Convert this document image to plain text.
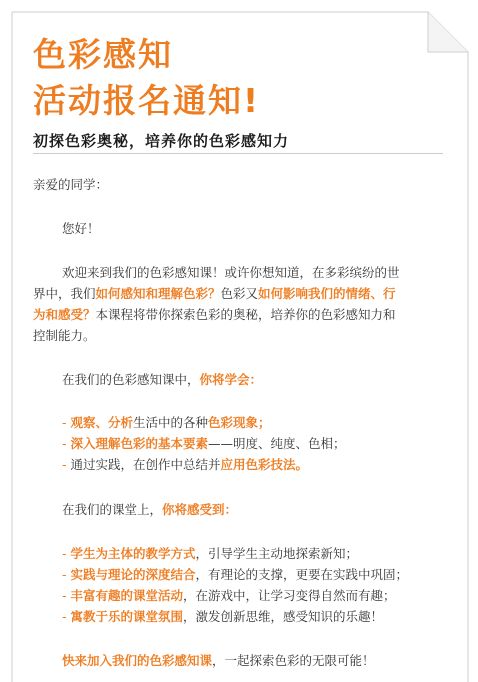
色彩感知
活动报名通知!

初探色彩奥秘，培养你的色彩感知力

亲爱的同学：

您好！

欢迎来到我们的色彩感知课！或许你想知道，在多彩缤纷的世

界中，我们如何感知和理解色彩？色彩又如何影响我们的情绪、行

为和感受？本课程将带你探索色彩的奥秘，培养你的色彩感知力和

控制能力。

在我们的色彩感知课中，你将学会：

- 观察、分析生活中的各种色彩现象；

- 深入理解色彩的基本要素——明度、纯度、色相；

- 通过实践，在创作中总结并应用色彩技法。

在我们的课堂上，你将感受到：

- 学生为主体的教学方式，引导学生主动地探索新知；

- 实践与理论的深度结合，有理论的支撑，更要在实践中巩固；

- 丰富有趣的课堂活动，在游戏中，让学习变得自然而有趣；

- 寓教于乐的课堂氛围，激发创新思维，感受知识的乐趣！

快来加入我们的色彩感知课，一起探索色彩的无限可能！
